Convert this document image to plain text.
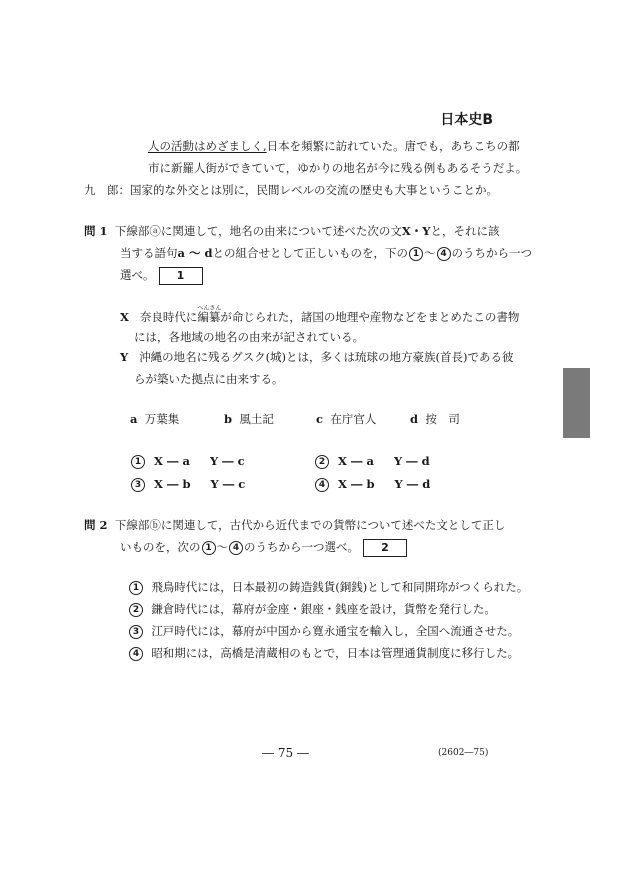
日本史B
人の活動はめざましく,日本を頻繁に訪れていた。唐でも，あちこちの都
市に新羅人街ができていて，ゆかりの地名が今に残る例もあるそうだよ。
九　郎：国家的な外交とは別に，民間レベルの交流の歴史も大事ということか。
問 1 下線部ⓐに関連して，地名の由来について述べた次の文X・Yと，それに該
当する語句a ～ dとの組合せとして正しいものを，下の 1 ～ 4 のうちから一つ
選べ。 1
X 奈良時代に
へんさん
編纂が命じられた，諸国の地理や産物などをまとめたこの書物
には，各地域の地名の由来が記されている。
Y 沖縄の地名に残るグスク(城)とは，多くは琉球の地方豪族(首長)である彼
らが築いた拠点に由来する。
a 万葉集	b 風土記	c 在庁官人	d 按　司
1 X ― a Y ― c	2 X ― a Y ― d
3 X ― b Y ― c	4 X ― b Y ― d
問 2 下線部ⓑに関連して，古代から近代までの貨幣について述べた文として正し
いものを，次の 1 ～ 4 のうちから一つ選べ。 2
1 飛鳥時代には，日本最初の鋳造銭貨(銅銭)として和同開珎がつくられた。
2 鎌倉時代には，幕府が金座・銀座・銭座を設け，貨幣を発行した。
3 江戸時代には，幕府が中国から寛永通宝を輸入し，全国へ流通させた。
4 昭和期には，高橋是清蔵相のもとで，日本は管理通貨制度に移行した。
― 75 ―	(2602―75)
